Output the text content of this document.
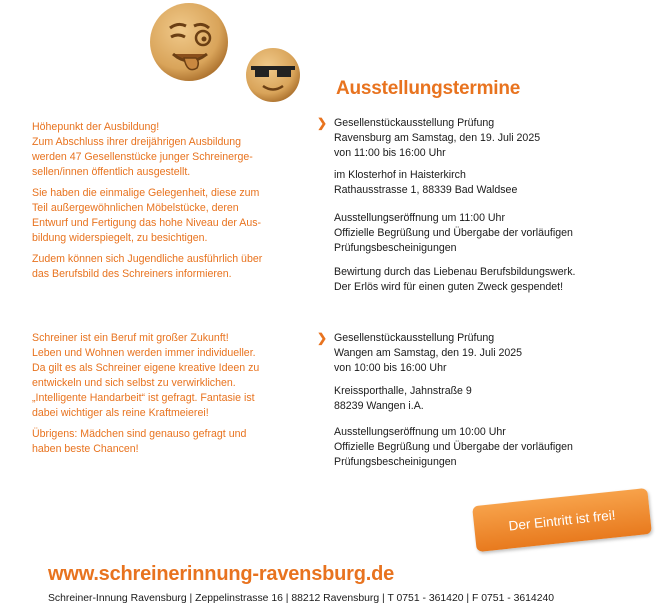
Ausstellungstermine

Höhepunkt der Ausbildung!
Zum Abschluss ihrer dreijährigen Ausbildung
werden 47 Gesellenstücke junger Schreinerge-
sellen/innen öffentlich ausgestellt.

Sie haben die einmalige Gelegenheit, diese zum
Teil außergewöhnlichen Möbelstücke, deren
Entwurf und Fertigung das hohe Niveau der Aus-
bildung widerspiegelt, zu besichtigen.

Zudem können sich Jugendliche ausführlich über
das Berufsbild des Schreiners informieren.

Schreiner ist ein Beruf mit großer Zukunft!
Leben und Wohnen werden immer individueller.
Da gilt es als Schreiner eigene kreative Ideen zu
entwickeln und sich selbst zu verwirklichen.
„Intelligente Handarbeit“ ist gefragt. Fantasie ist
dabei wichtiger als reine Kraftmeierei!

Übrigens: Mädchen sind genauso gefragt und
haben beste Chancen!

❯ Gesellenstückausstellung Prüfung
Ravensburg am Samstag, den 19. Juli 2025
von 11:00 bis 16:00 Uhr

im Klosterhof in Haisterkirch
Rathausstrasse 1, 88339 Bad Waldsee

Ausstellungseröffnung um 11:00 Uhr
Offizielle Begrüßung und Übergabe der vorläufigen
Prüfungsbescheinigungen

Bewirtung durch das Liebenau Berufsbildungswerk.
Der Erlös wird für einen guten Zweck gespendet!

❯ Gesellenstückausstellung Prüfung
Wangen am Samstag, den 19. Juli 2025
von 10:00 bis 16:00 Uhr

Kreissporthalle, Jahnstraße 9
88239 Wangen i.A.

Ausstellungseröffnung um 10:00 Uhr
Offizielle Begrüßung und Übergabe der vorläufigen
Prüfungsbescheinigungen

Der Eintritt ist frei!
www.schreinerinnung-ravensburg.de
Schreiner-Innung Ravensburg | Zeppelinstrasse 16 | 88212 Ravensburg | T 0751 - 361420 | F 0751 - 3614240
